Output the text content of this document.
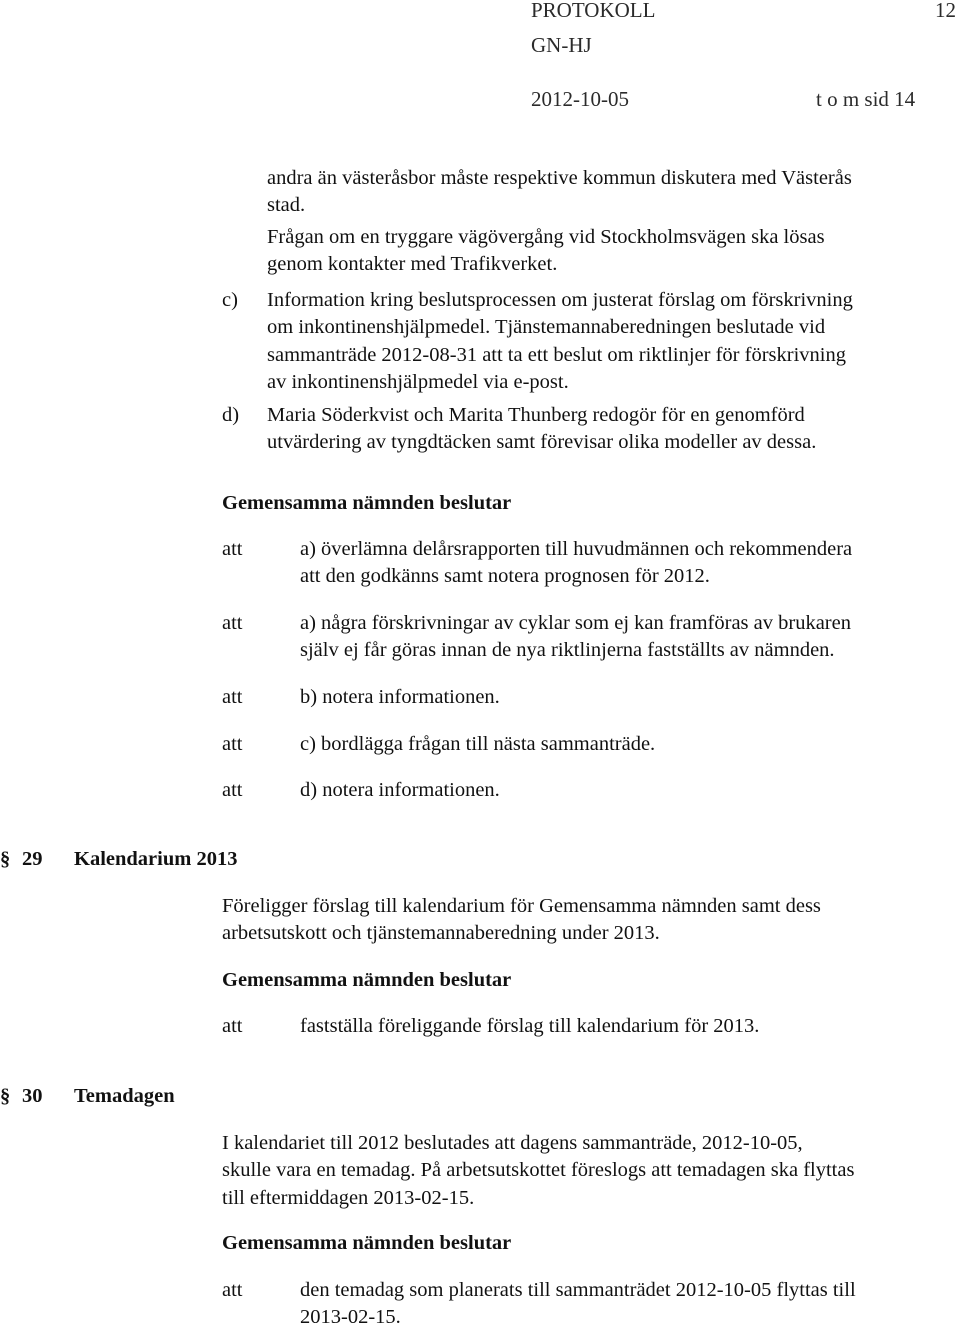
PROTOKOLL	12
GN-HJ
2012-10-05	t o m sid 14
andra än västeråsbor måste respektive kommun diskutera med Västerås
stad.
Frågan om en tryggare vägövergång vid Stockholmsvägen ska lösas
genom kontakter med Trafikverket.
c) Information kring beslutsprocessen om justerat förslag om förskrivning
om inkontinenshjälpmedel. Tjänstemannaberedningen beslutade vid
sammanträde 2012-08-31 att ta ett beslut om riktlinjer för förskrivning
av inkontinenshjälpmedel via e-post.
d) Maria Söderkvist och Marita Thunberg redogör för en genomförd
utvärdering av tyngdtäcken samt förevisar olika modeller av dessa.
Gemensamma nämnden beslutar
att	a) överlämna delårsrapporten till huvudmännen och rekommendera
att den godkänns samt notera prognosen för 2012.
att	a) några förskrivningar av cyklar som ej kan framföras av brukaren
själv ej får göras innan de nya riktlinjerna fastställts av nämnden.
att	b) notera informationen.
att	c) bordlägga frågan till nästa sammanträde.
att	d) notera informationen.
§ 29 Kalendarium 2013
Föreligger förslag till kalendarium för Gemensamma nämnden samt dess
arbetsutskott och tjänstemannaberedning under 2013.
Gemensamma nämnden beslutar
att	fastställa föreliggande förslag till kalendarium för 2013.
§ 30 Temadagen
I kalendariet till 2012 beslutades att dagens sammanträde, 2012-10-05,
skulle vara en temadag. På arbetsutskottet föreslogs att temadagen ska flyttas
till eftermiddagen 2013-02-15.
Gemensamma nämnden beslutar
att	den temadag som planerats till sammanträdet 2012-10-05 flyttas till
2013-02-15.
